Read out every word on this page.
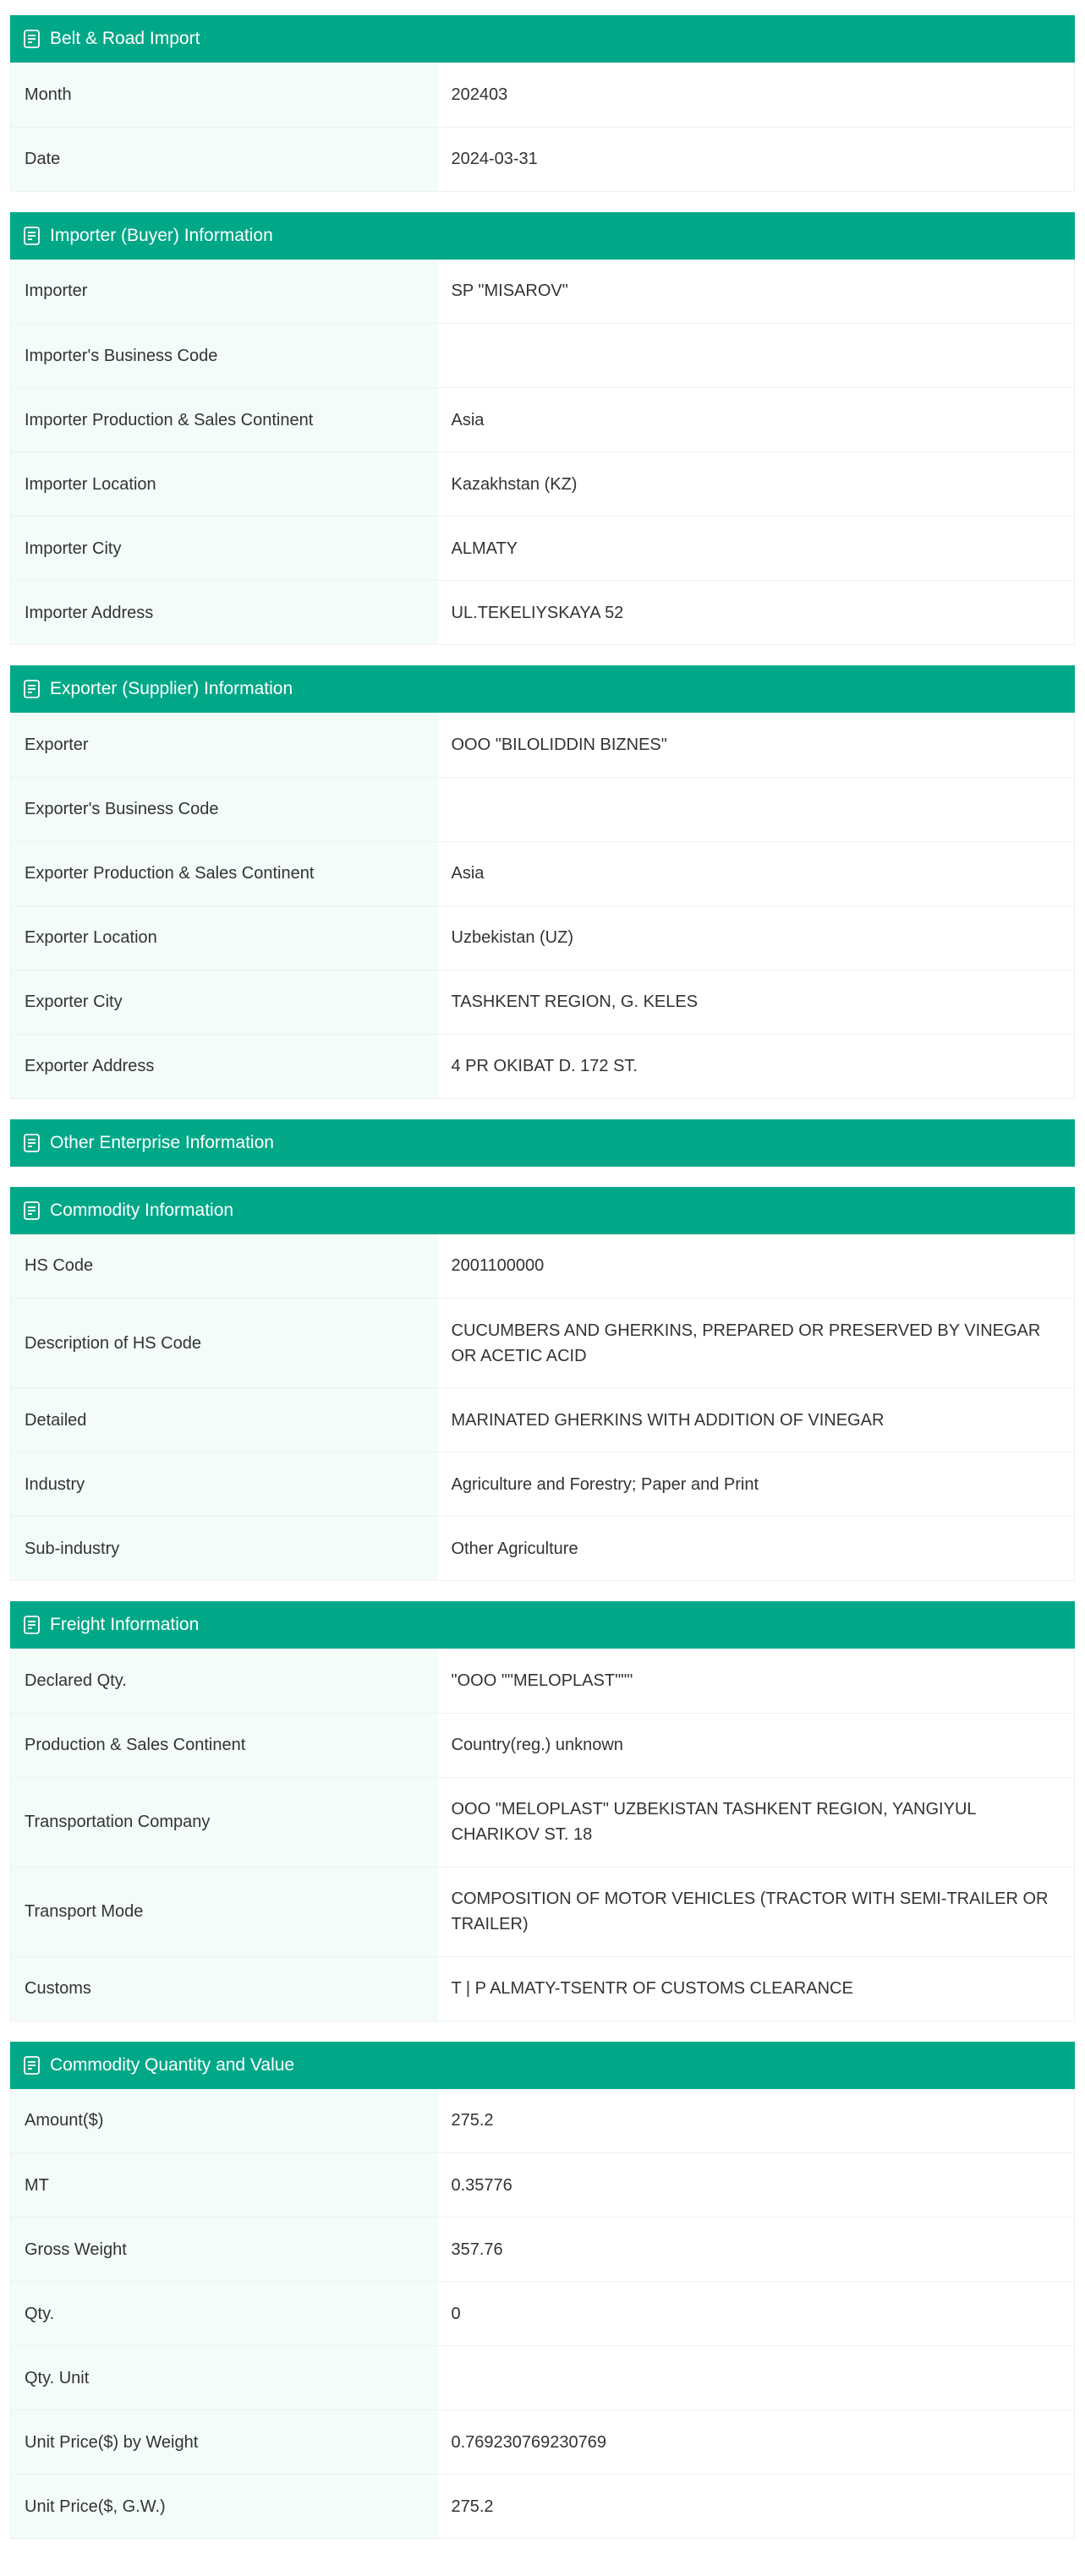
Belt & Road Import
Month	202403
Date	2024-03-31
Importer (Buyer) Information
Importer	SP "MISAROV"
Importer's Business Code	
Importer Production & Sales Continent	Asia
Importer Location	Kazakhstan (KZ)
Importer City	ALMATY
Importer Address	UL.TEKELIYSKAYA 52
Exporter (Supplier) Information
Exporter	OOO "BILOLIDDIN BIZNES"
Exporter's Business Code	
Exporter Production & Sales Continent	Asia
Exporter Location	Uzbekistan (UZ)
Exporter City	TASHKENT REGION, G. KELES
Exporter Address	4 PR OKIBAT D. 172 ST.
Other Enterprise Information
Commodity Information
HS Code	2001100000
Description of HS Code	CUCUMBERS AND GHERKINS, PREPARED OR PRESERVED BY VINEGAR OR ACETIC ACID
Detailed	MARINATED GHERKINS WITH ADDITION OF VINEGAR
Industry	Agriculture and Forestry; Paper and Print
Sub-industry	Other Agriculture
Freight Information
Declared Qty.	"OOO ""MELOPLAST"""
Production & Sales Continent	Country(reg.) unknown
Transportation Company	OOO "MELOPLAST" UZBEKISTAN TASHKENT REGION, YANGIYUL CHARIKOV ST. 18
Transport Mode	COMPOSITION OF MOTOR VEHICLES (TRACTOR WITH SEMI-TRAILER OR TRAILER)
Customs	T | P ALMATY-TSENTR OF CUSTOMS CLEARANCE
Commodity Quantity and Value
Amount($)	275.2
MT	0.35776
Gross Weight	357.76
Qty.	0
Qty. Unit	
Unit Price($) by Weight	0.769230769230769
Unit Price($, G.W.)	275.2
